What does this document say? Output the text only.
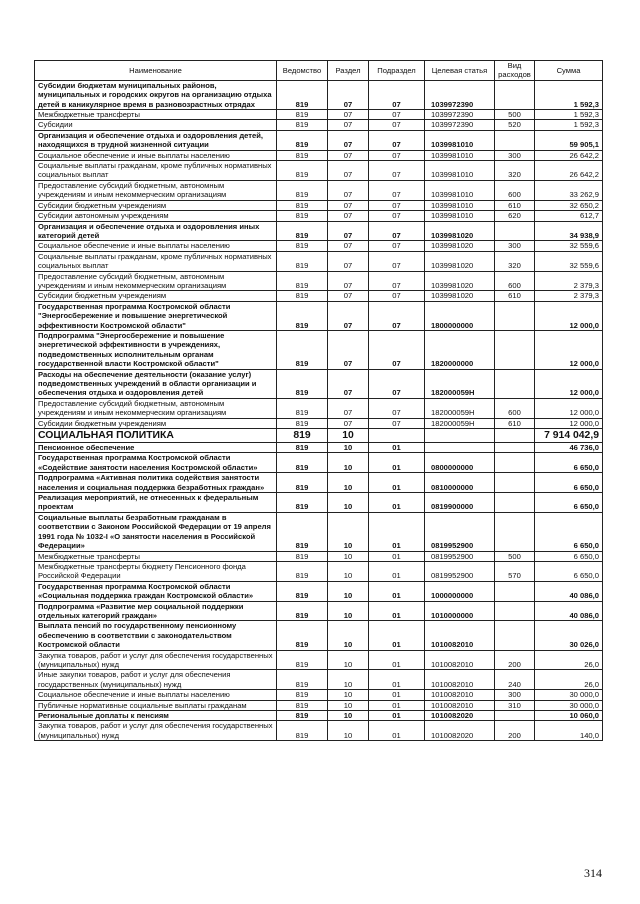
Наименование	Ведомство	Раздел	Подраздел	Целевая статья	Вид расходов	Сумма
Субсидии бюджетам муниципальных районов, муниципальных и городских округов на организацию отдыха детей в каникулярное время в разновозрастных отрядах	819	07	07	1039972390		1 592,3
Межбюджетные трансферты	819	07	07	1039972390	500	1 592,3
Субсидии	819	07	07	1039972390	520	1 592,3
Организация и обеспечение отдыха и оздоровления детей, находящихся в трудной жизненной ситуации	819	07	07	1039981010		59 905,1
Социальное обеспечение и иные выплаты населению	819	07	07	1039981010	300	26 642,2
Социальные выплаты гражданам, кроме публичных нормативных социальных выплат	819	07	07	1039981010	320	26 642,2
Предоставление субсидий бюджетным, автономным учреждениям и иным некоммерческим организациям	819	07	07	1039981010	600	33 262,9
Субсидии бюджетным учреждениям	819	07	07	1039981010	610	32 650,2
Субсидии автономным учреждениям	819	07	07	1039981010	620	612,7
Организация и обеспечение отдыха и оздоровления иных категорий детей	819	07	07	1039981020		34 938,9
Социальное обеспечение и иные выплаты населению	819	07	07	1039981020	300	32 559,6
Социальные выплаты гражданам, кроме публичных нормативных социальных выплат	819	07	07	1039981020	320	32 559,6
Предоставление субсидий бюджетным, автономным учреждениям и иным некоммерческим организациям	819	07	07	1039981020	600	2 379,3
Субсидии бюджетным учреждениям	819	07	07	1039981020	610	2 379,3
Государственная программа Костромской области "Энергосбережение и повышение энергетической эффективности Костромской области"	819	07	07	1800000000		12 000,0
Подпрограмма "Энергосбережение и повышение энергетической эффективности в учреждениях, подведомственных исполнительным органам государственной власти Костромской области"	819	07	07	1820000000		12 000,0
Расходы на обеспечение деятельности (оказание услуг) подведомственных учреждений в области организации и обеспечения отдыха и оздоровления детей	819	07	07	182000059Н		12 000,0
Предоставление субсидий бюджетным, автономным учреждениям и иным некоммерческим организациям	819	07	07	182000059Н	600	12 000,0
Субсидии бюджетным учреждениям	819	07	07	182000059Н	610	12 000,0
СОЦИАЛЬНАЯ ПОЛИТИКА	819	10				7 914 042,9
Пенсионное обеспечение	819	10	01			46 736,0
Государственная программа Костромской области «Содействие занятости населения Костромской области»	819	10	01	0800000000		6 650,0
Подпрограмма «Активная политика содействия занятости населения и социальная поддержка безработных граждан»	819	10	01	0810000000		6 650,0
Реализация мероприятий, не отнесенных к федеральным проектам	819	10	01	0819900000		6 650,0
Социальные выплаты безработным гражданам в соответствии с Законом Российской Федерации от 19 апреля 1991 года № 1032-I «О занятости населения в Российской Федерации»	819	10	01	0819952900		6 650,0
Межбюджетные трансферты	819	10	01	0819952900	500	6 650,0
Межбюджетные трансферты бюджету Пенсионного фонда Российской Федерации	819	10	01	0819952900	570	6 650,0
Государственная программа Костромской области «Социальная поддержка граждан Костромской области»	819	10	01	1000000000		40 086,0
Подпрограмма «Развитие мер социальной поддержки отдельных категорий граждан»	819	10	01	1010000000		40 086,0
Выплата пенсий по государственному пенсионному обеспечению в соответствии с законодательством Костромской области	819	10	01	1010082010		30 026,0
Закупка товаров, работ и услуг для обеспечения государственных (муниципальных) нужд	819	10	01	1010082010	200	26,0
Иные закупки товаров, работ и услуг для обеспечения государственных (муниципальных) нужд	819	10	01	1010082010	240	26,0
Социальное обеспечение и иные выплаты населению	819	10	01	1010082010	300	30 000,0
Публичные нормативные социальные выплаты гражданам	819	10	01	1010082010	310	30 000,0
Региональные доплаты к пенсиям	819	10	01	1010082020		10 060,0
Закупка товаров, работ и услуг для обеспечения государственных (муниципальных) нужд	819	10	01	1010082020	200	140,0
314
